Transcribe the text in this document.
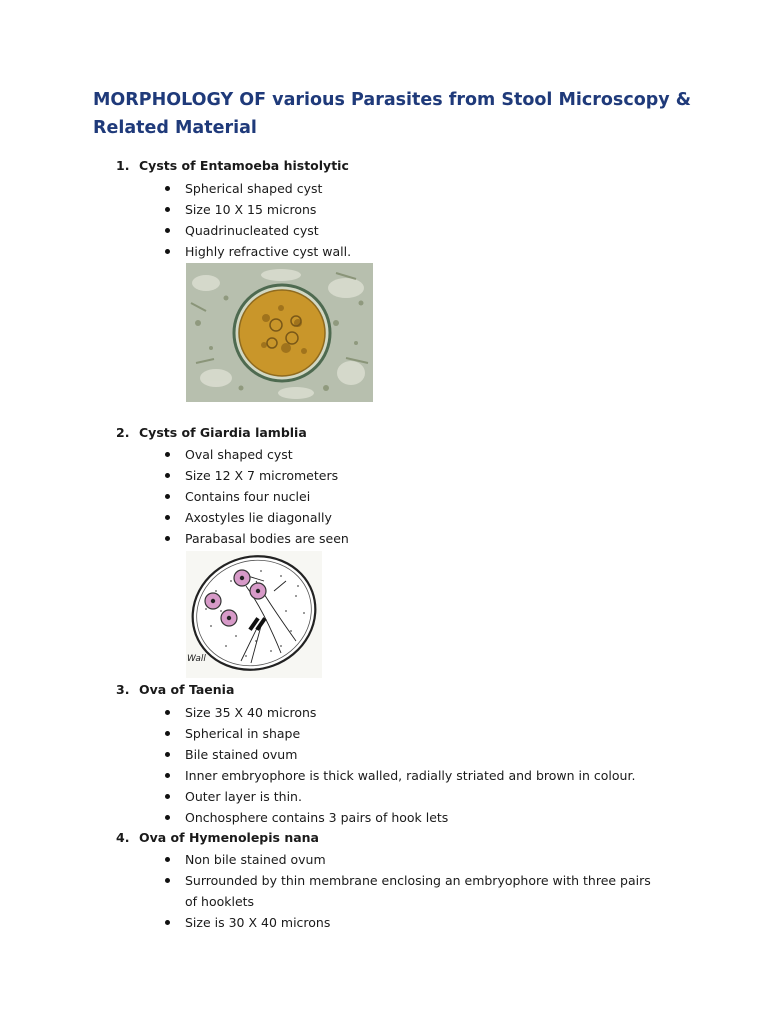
MORPHOLOGY OF various Parasites from Stool Microscopy & Related Material
1. Cysts of Entamoeba histolytic
Spherical shaped cyst
Size 10 X 15 microns
Quadrinucleated cyst
Highly refractive cyst wall.
2. Cysts of Giardia lamblia
Oval shaped cyst
Size 12 X 7 micrometers
Contains four nuclei
Axostyles lie diagonally
Parabasal bodies are seen
Wall
3. Ova of Taenia
Size 35 X 40 microns
Spherical in shape
Bile stained ovum
Inner embryophore is thick walled, radially striated and brown in colour.
Outer layer is thin.
Onchosphere contains 3 pairs of hook lets
4. Ova of Hymenolepis nana
Non bile stained ovum
Surrounded by thin membrane enclosing an embryophore with three pairs of hooklets
Size is 30 X 40 microns
